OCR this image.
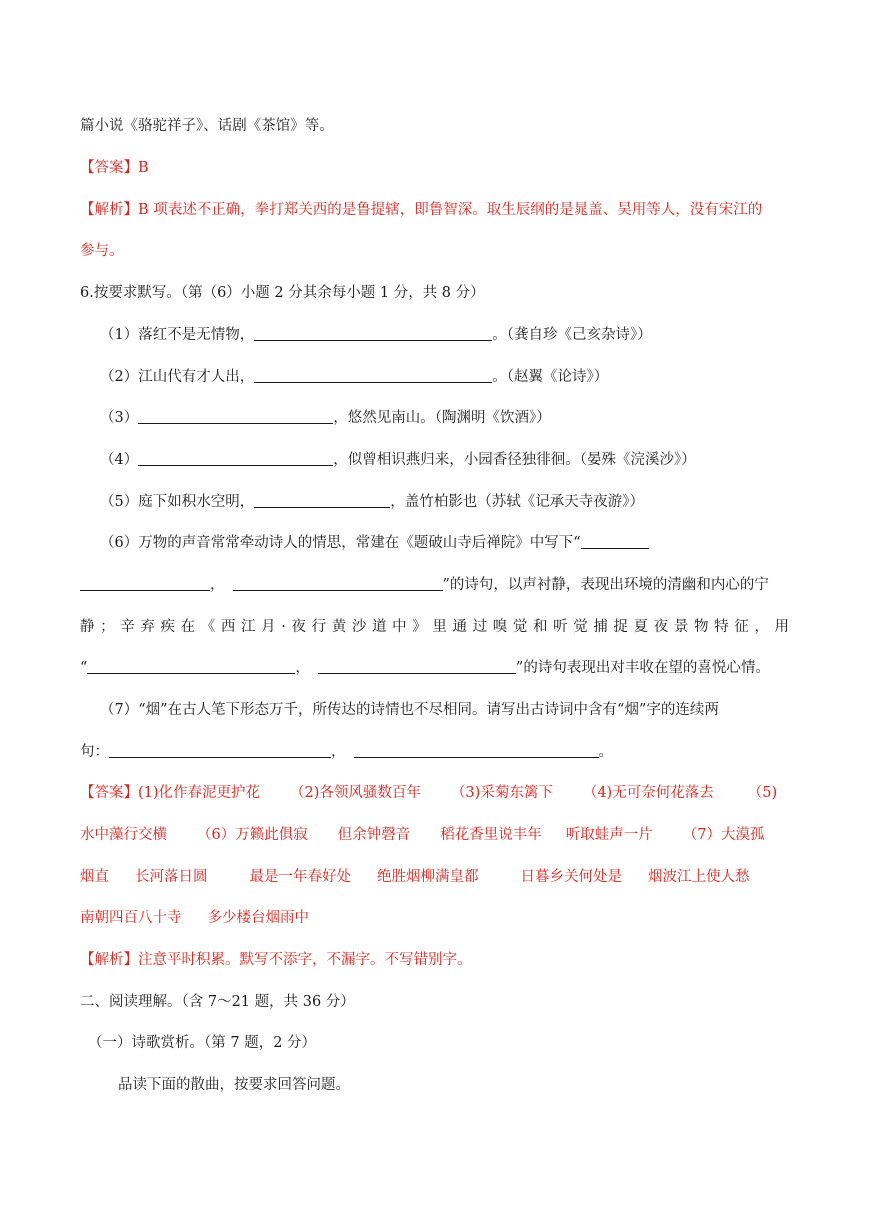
篇小说《骆驼祥子》、话剧《茶馆》等。
【答案】B
【解析】B 项表述不正确，拳打郑关西的是鲁提辖，即鲁智深。取生辰纲的是晁盖、吴用等人，没有宋江的
参与。
6.按要求默写。（第（6）小题 2 分其余每小题 1 分，共 8 分）
（1）落红不是无情物，	。（龚自珍《己亥杂诗》）
（2）江山代有才人出，	。（赵翼《论诗》）
（3）	，悠然见南山。（陶渊明《饮酒》）
（4）	，似曾相识燕归来，小园香径独徘徊。（晏殊《浣溪沙》）
（5）庭下如积水空明，	，盖竹柏影也（苏轼《记承天寺夜游》）
（6）万物的声音常常牵动诗人的情思，常建在《题破山寺后禅院》中写下“
，	”的诗句，以声衬静，表现出环境的清幽和内心的宁
静 ； 辛 弃 疾 在 《 西 江 月 · 夜 行 黄 沙 道 中 》 里 通 过 嗅 觉 和 听 觉 捕 捉 夏 夜 景 物 特 征 ， 用
“	，	”的诗句表现出对丰收在望的喜悦心情。
（7）“烟”在古人笔下形态万千，所传达的诗情也不尽相同。请写出古诗词中含有“烟”字的连续两
句：	，	。
【答案】(1)化作春泥更护花 （2)各领风骚数百年 （3)采菊东篱下 （4)无可奈何花落去 （5)
水中藻行交横 （6）万籁此俱寂 但余钟磬音 稻花香里说丰年 听取蛙声一片 （7）大漠孤
烟直 长河落日圆	最是一年春好处 绝胜烟柳满皇都	日暮乡关何处是 烟波江上使人愁
南朝四百八十寺 多少楼台烟雨中
【解析】注意平时积累。默写不添字，不漏字。不写错别字。
二、阅读理解。（含 7～21 题，共 36 分）
（一）诗歌赏析。（第 7 题，2 分）
品读下面的散曲，按要求回答问题。
